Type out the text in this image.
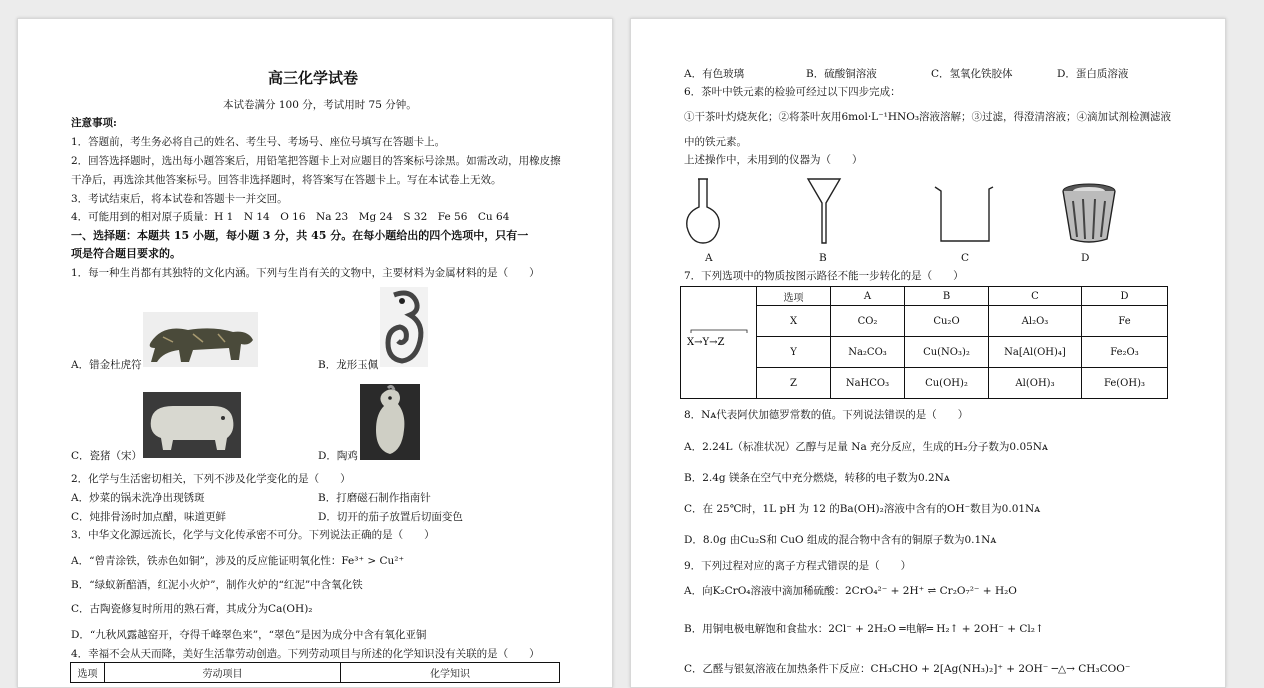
高三化学试卷
本试卷满分 100 分，考试用时 75 分钟。
注意事项:
1．答题前，考生务必将自己的姓名、考生号、考场号、座位号填写在答题卡上。
2．回答选择题时，选出每小题答案后，用铅笔把答题卡上对应题目的答案标号涂黑。如需改动，用橡皮擦
干净后，再选涂其他答案标号。回答非选择题时，将答案写在答题卡上。写在本试卷上无效。
3．考试结束后，将本试卷和答题卡一并交回。
4．可能用到的相对原子质量：H 1　N 14　O 16　Na 23　Mg 24　S 32　Fe 56　Cu 64
一、选择题：本题共 15 小题，每小题 3 分，共 45 分。在每小题给出的四个选项中，只有一
项是符合题目要求的。
1．每一种生肖都有其独特的文化内涵。下列与生肖有关的文物中，主要材料为金属材料的是（　　）
A．错金杜虎符	B．龙形玉佩
C．瓷猪（宋）	D．陶鸡
2．化学与生活密切相关，下列不涉及化学变化的是（　　）
A．炒菜的锅未洗净出现锈斑	B．打磨磁石制作指南针
C．炖排骨汤时加点醋，味道更鲜	D．切开的茄子放置后切面变色
3．中华文化源远流长，化学与文化传承密不可分。下列说法正确的是（　　）
A．“曾青涂铁，铁赤色如铜”，涉及的反应能证明氧化性：Fe³⁺ > Cu²⁺
B．“绿蚁新醅酒，红泥小火炉”，制作火炉的“红泥”中含氧化铁
C．古陶瓷修复时所用的熟石膏，其成分为Ca(OH)₂
D．“九秋风露越窑开，夺得千峰翠色来”，“翠色”是因为成分中含有氧化亚铜
4．幸福不会从天而降，美好生活靠劳动创造。下列劳动项目与所述的化学知识没有关联的是（　　）
选项	劳动项目	化学知识
A．有色玻璃	B．硫酸铜溶液	C．氢氧化铁胶体	D．蛋白质溶液
6．茶叶中铁元素的检验可经过以下四步完成：
①干茶叶灼烧灰化；②将茶叶灰用6mol·L⁻¹HNO₃溶液溶解；③过滤，得澄清溶液；④滴加试剂检测滤液
中的铁元素。
上述操作中，未用到的仪器为（　　）
A	B	C	D
7．下列选项中的物质按图示路径不能一步转化的是（　　）
X→Y→Z	选项	A	B	C	D
	X	CO₂	Cu₂O	Al₂O₃	Fe
	Y	Na₂CO₃	Cu(NO₃)₂	Na[Al(OH)₄]	Fe₂O₃
	Z	NaHCO₃	Cu(OH)₂	Al(OH)₃	Fe(OH)₃
8．Nᴀ代表阿伏加德罗常数的值。下列说法错误的是（　　）
A．2.24L（标准状况）乙醇与足量 Na 充分反应，生成的H₂分子数为0.05Nᴀ
B．2.4g 镁条在空气中充分燃烧，转移的电子数为0.2Nᴀ
C．在 25℃时，1L pH 为 12 的Ba(OH)₂溶液中含有的OH⁻数目为0.01Nᴀ
D．8.0g 由Cu₂S和 CuO 组成的混合物中含有的铜原子数为0.1Nᴀ
9．下列过程对应的离子方程式错误的是（　　）
A．向K₂CrO₄溶液中滴加稀硫酸：2CrO₄²⁻ + 2H⁺ ⇌ Cr₂O₇²⁻ + H₂O
B．用铜电极电解饱和食盐水：2Cl⁻ + 2H₂O ═电解═ H₂↑ + 2OH⁻ + Cl₂↑
C．乙醛与银氨溶液在加热条件下反应：CH₃CHO + 2[Ag(NH₃)₂]⁺ + 2OH⁻ ─△→ CH₃COO⁻
